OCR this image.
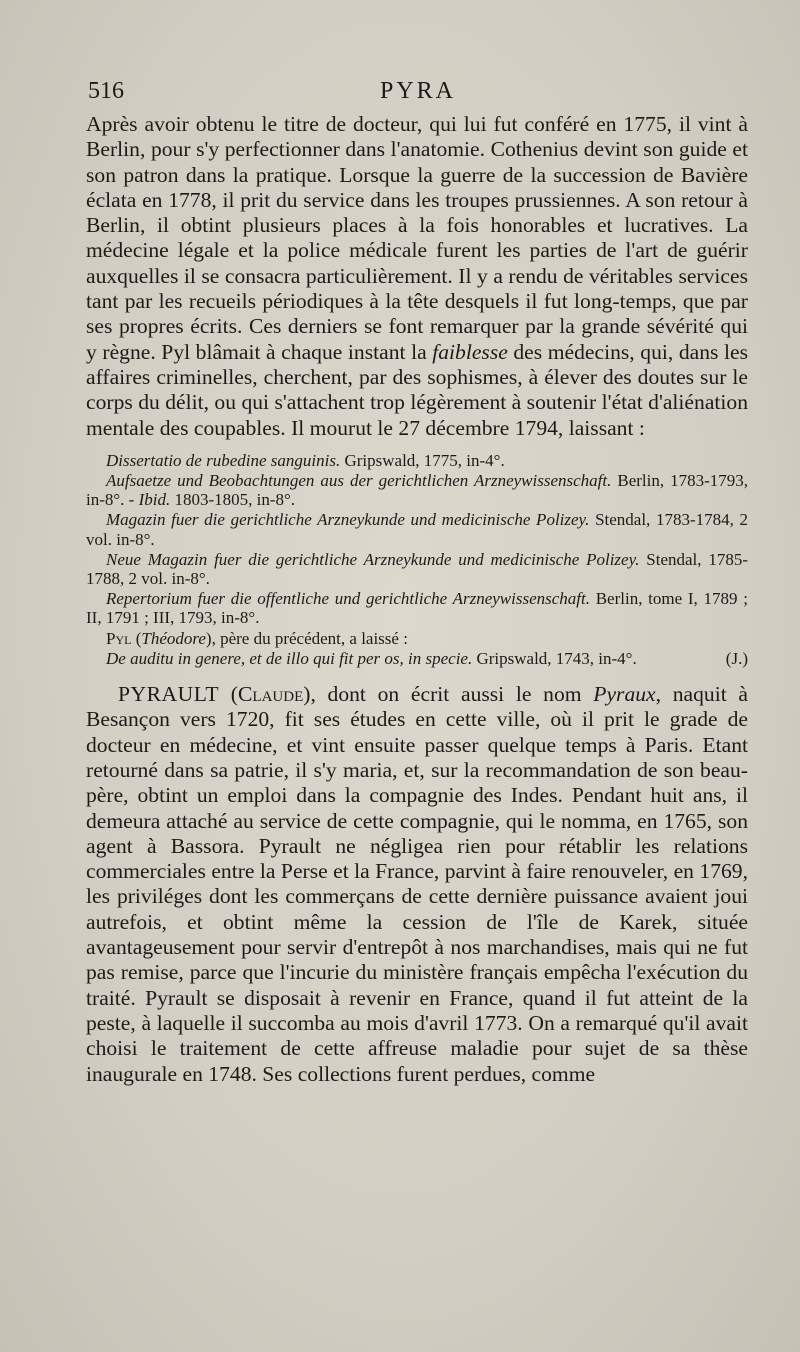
516	PYRA

Après avoir obtenu le titre de docteur, qui lui fut conféré en 1775, il vint à Berlin, pour s'y perfectionner dans l'anatomie. Cothenius devint son guide et son patron dans la pratique. Lorsque la guerre de la succession de Bavière éclata en 1778, il prit du service dans les troupes prussiennes. A son retour à Berlin, il obtint plusieurs places à la fois honorables et lucratives. La médecine légale et la police médicale furent les parties de l'art de guérir auxquelles il se consacra particulièrement. Il y a rendu de véritables services tant par les recueils périodiques à la tête desquels il fut long-temps, que par ses propres écrits. Ces derniers se font remarquer par la grande sévérité qui y règne. Pyl blâmait à chaque instant la faiblesse des médecins, qui, dans les affaires criminelles, cherchent, par des sophismes, à élever des doutes sur le corps du délit, ou qui s'attachent trop légèrement à soutenir l'état d'aliénation mentale des coupables. Il mourut le 27 décembre 1794, laissant :

Dissertatio de rubedine sanguinis. Gripswald, 1775, in-4°.

Aufsaetze und Beobachtungen aus der gerichtlichen Arzneywissenschaft. Berlin, 1783-1793, in-8°. - Ibid. 1803-1805, in-8°.

Magazin fuer die gerichtliche Arzneykunde und medicinische Polizey. Stendal, 1783-1784, 2 vol. in-8°.

Neue Magazin fuer die gerichtliche Arzneykunde und medicinische Polizey. Stendal, 1785-1788, 2 vol. in-8°.

Repertorium fuer die offentliche und gerichtliche Arzneywissenschaft. Berlin, tome I, 1789 ; II, 1791 ; III, 1793, in-8°.

Pyl (Théodore), père du précédent, a laissé :

De auditu in genere, et de illo qui fit per os, in specie. Gripswald, 1743, in-4°.	(J.)

PYRAULT (Claude), dont on écrit aussi le nom Pyraux, naquit à Besançon vers 1720, fit ses études en cette ville, où il prit le grade de docteur en médecine, et vint ensuite passer quelque temps à Paris. Etant retourné dans sa patrie, il s'y maria, et, sur la recommandation de son beau-père, obtint un emploi dans la compagnie des Indes. Pendant huit ans, il demeura attaché au service de cette compagnie, qui le nomma, en 1765, son agent à Bassora. Pyrault ne négligea rien pour rétablir les relations commerciales entre la Perse et la France, parvint à faire renouveler, en 1769, les priviléges dont les commerçans de cette dernière puissance avaient joui autrefois, et obtint même la cession de l'île de Karek, située avantageusement pour servir d'entrepôt à nos marchandises, mais qui ne fut pas remise, parce que l'incurie du ministère français empêcha l'exécution du traité. Pyrault se disposait à revenir en France, quand il fut atteint de la peste, à laquelle il succomba au mois d'avril 1773. On a remarqué qu'il avait choisi le traitement de cette affreuse maladie pour sujet de sa thèse inaugurale en 1748. Ses collections furent perdues, comme
